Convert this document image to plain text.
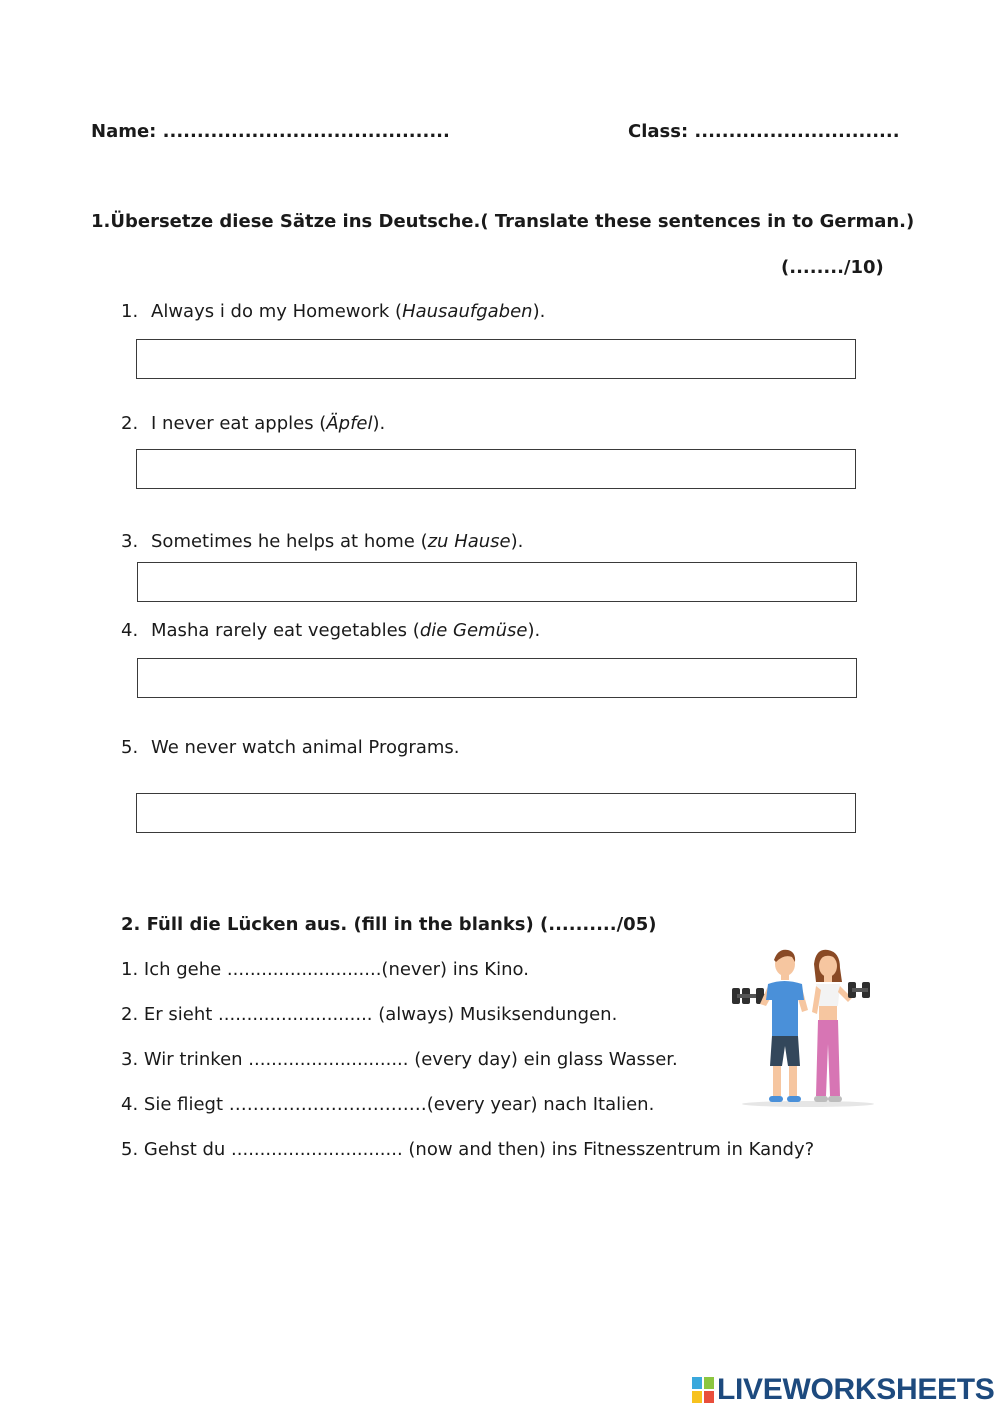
Name: ..........................................	Class: ..............................
1.Übersetze diese Sätze ins Deutsche.( Translate these sentences in to German.)
(......../10)
1. Always i do my Homework (Hausaufgaben).
2. I never eat apples (Äpfel).
3. Sometimes he helps at home (zu Hause).
4. Masha rarely eat vegetables (die Gemüse).
5. We never watch animal Programs.
2. Füll die Lücken aus. (fill in the blanks) (........../05)
1. Ich gehe ...........................(never) ins Kino.
2. Er sieht ........................... (always) Musiksendungen.
3. Wir trinken ............................ (every day) ein glass Wasser.
4. Sie fliegt ……………………………(every year) nach Italien.
5. Gehst du .............................. (now and then) ins Fitnesszentrum in Kandy?
LIVEWORKSHEETS
